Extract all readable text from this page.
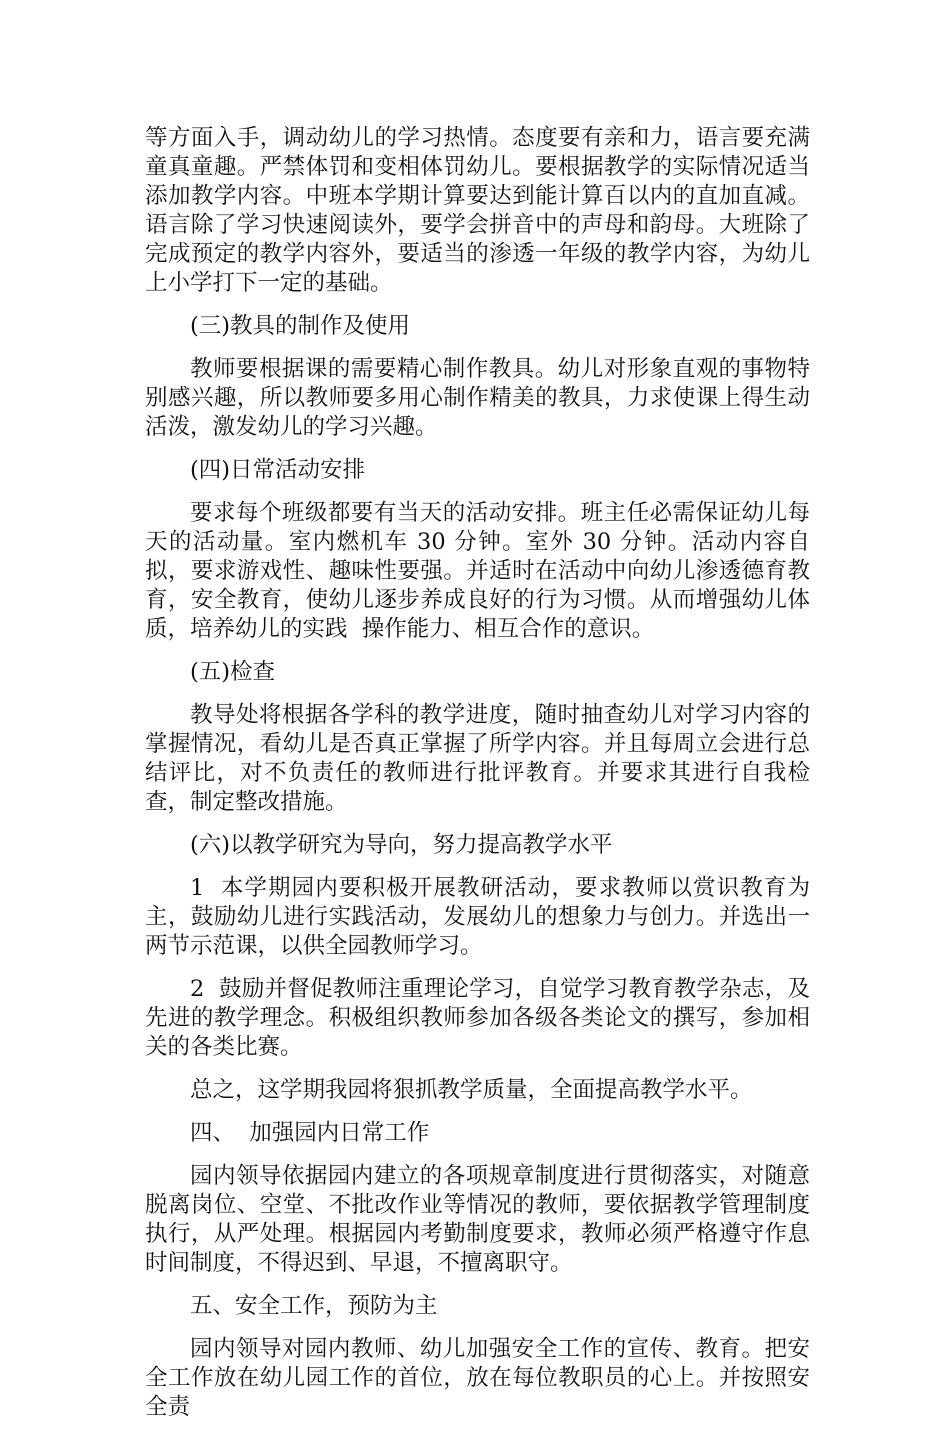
等方面入手，调动幼儿的学习热情。态度要有亲和力，语言要充满童真童趣。严禁体罚和变相体罚幼儿。要根据教学的实际情况适当添加教学内容。中班本学期计算要达到能计算百以内的直加直减。语言除了学习快速阅读外，要学会拼音中的声母和韵母。大班除了完成预定的教学内容外，要适当的渗透一年级的教学内容，为幼儿上小学打下一定的基础。

(三)教具的制作及使用

教师要根据课的需要精心制作教具。幼儿对形象直观的事物特别感兴趣，所以教师要多用心制作精美的教具，力求使课上得生动活泼，激发幼儿的学习兴趣。

(四)日常活动安排

要求每个班级都要有当天的活动安排。班主任必需保证幼儿每天的活动量。室内燃机车 30 分钟。室外 30 分钟。活动内容自拟，要求游戏性、趣味性要强。并适时在活动中向幼儿渗透德育教育，安全教育，使幼儿逐步养成良好的行为习惯。从而增强幼儿体质，培养幼儿的实践  操作能力、相互合作的意识。

(五)检查

教导处将根据各学科的教学进度，随时抽查幼儿对学习内容的掌握情况，看幼儿是否真正掌握了所学内容。并且每周立会进行总结评比，对不负责任的教师进行批评教育。并要求其进行自我检查，制定整改措施。

(六)以教学研究为导向，努力提高教学水平

1  本学期园内要积极开展教研活动，要求教师以赏识教育为主，鼓励幼儿进行实践活动，发展幼儿的想象力与创力。并选出一两节示范课，以供全园教师学习。

2  鼓励并督促教师注重理论学习，自觉学习教育教学杂志，及先进的教学理念。积极组织教师参加各级各类论文的撰写，参加相关的各类比赛。

总之，这学期我园将狠抓教学质量，全面提高教学水平。

四、  加强园内日常工作

园内领导依据园内建立的各项规章制度进行贯彻落实，对随意脱离岗位、空堂、不批改作业等情况的教师，要依据教学管理制度执行，从严处理。根据园内考勤制度要求，教师必须严格遵守作息时间制度，不得迟到、早退，不擅离职守。

五、安全工作，预防为主

园内领导对园内教师、幼儿加强安全工作的宣传、教育。把安全工作放在幼儿园工作的首位，放在每位教职员的心上。并按照安全责
